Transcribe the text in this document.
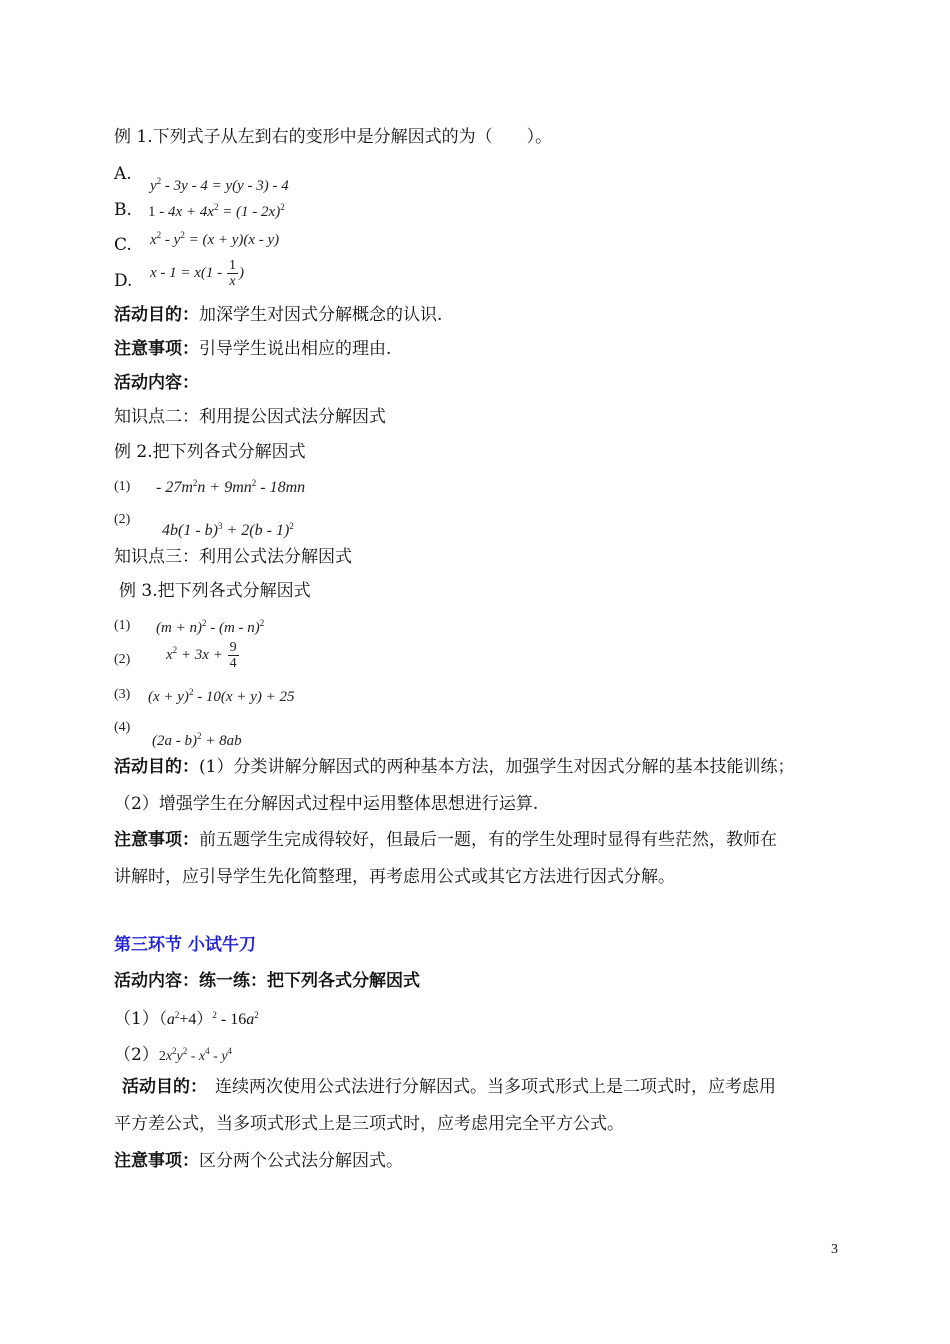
例 1.下列式子从左到右的变形中是分解因式的为（　　）。
A.
$y^2 - 3y - 4 = y(y - 3) - 4$
B. $1 - 4x + 4x^2 = (1 - 2x)^2$
C. $x^2 - y^2 = (x + y)(x - y)$
D. $x - 1 = x(1 - \frac{1}{x}$ )
活动目的：加深学生对因式分解概念的认识.
注意事项：引导学生说出相应的理由.
活动内容：
知识点二：利用提公因式法分解因式
例 2.把下列各式分解因式
$(1) - 27m^2n + 9mn^2 - 18mn$
(2)
4b(1 - b)$^3$ + 2(b - 1)$^2$
知识点三：利用公式法分解因式
例 3.把下列各式分解因式
(1) $(m + n)^2 - (m - n)^2$
(2) $x^2 + 3x + \frac{9}{4}$
(3) $(x + y)^2 - 10(x + y) + 25$
(4)
(2a - b)$^2$ + 8ab
活动目的：(1）分类讲解分解因式的两种基本方法，加强学生对因式分解的基本技能训练；
（2）增强学生在分解因式过程中运用整体思想进行运算.
注意事项：前五题学生完成得较好，但最后一题，有的学生处理时显得有些茫然，教师在
讲解时，应引导学生先化简整理，再考虑用公式或其它方法进行因式分解。
第三环节 小试牛刀
活动内容：练一练：把下列各式分解因式
$(1)(a^2+4)^2 - 16a^2$
$(2)2x^2y^2 - x^4 - y^4$
活动目的： 连续两次使用公式法进行分解因式。当多项式形式上是二项式时，应考虑用
平方差公式，当多项式形式上是三项式时，应考虑用完全平方公式。
注意事项：区分两个公式法分解因式。
3
